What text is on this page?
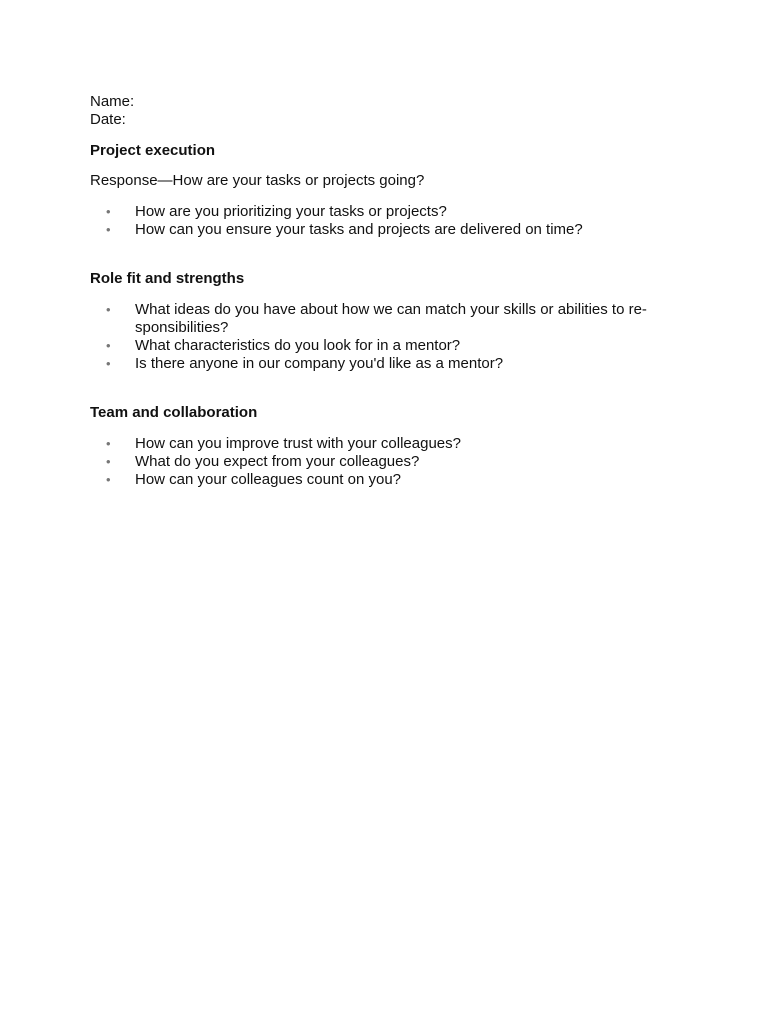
Name:

Date:

Project execution

Response—How are your tasks or projects going?

• How are you prioritizing your tasks or projects?
• How can you ensure your tasks and projects are delivered on time?

Role fit and strengths

• What ideas do you have about how we can match your skills or abilities to re-
sponsibilities?
• What characteristics do you look for in a mentor?
• Is there anyone in our company you'd like as a mentor?

Team and collaboration

• How can you improve trust with your colleagues?
• What do you expect from your colleagues?
• How can your colleagues count on you?
